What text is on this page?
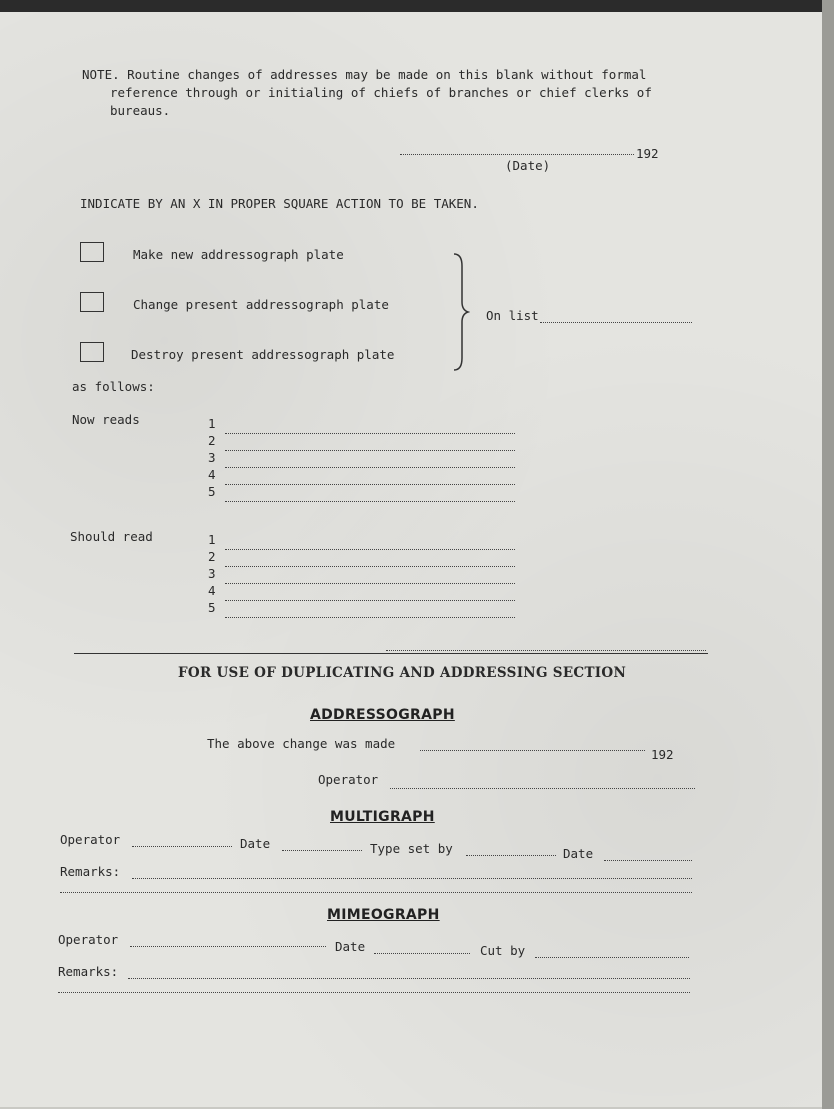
NOTE. Routine changes of addresses may be made on this blank without formal
reference through or initialing of chiefs of branches or chief clerks of
bureaus.
192
(Date)
INDICATE BY AN X IN PROPER SQUARE ACTION TO BE TAKEN.
Make new addressograph plate
Change present addressograph plate
Destroy present addressograph plate
On list
as follows:
Now reads	1
2
3
4
5
Should read	1
2
3
4
5
FOR USE OF DUPLICATING AND ADDRESSING SECTION
ADDRESSOGRAPH
The above change was made
192
Operator
MULTIGRAPH
Operator	Date	Type set by	Date
Remarks:
MIMEOGRAPH
Operator	Date	Cut by
Remarks:
